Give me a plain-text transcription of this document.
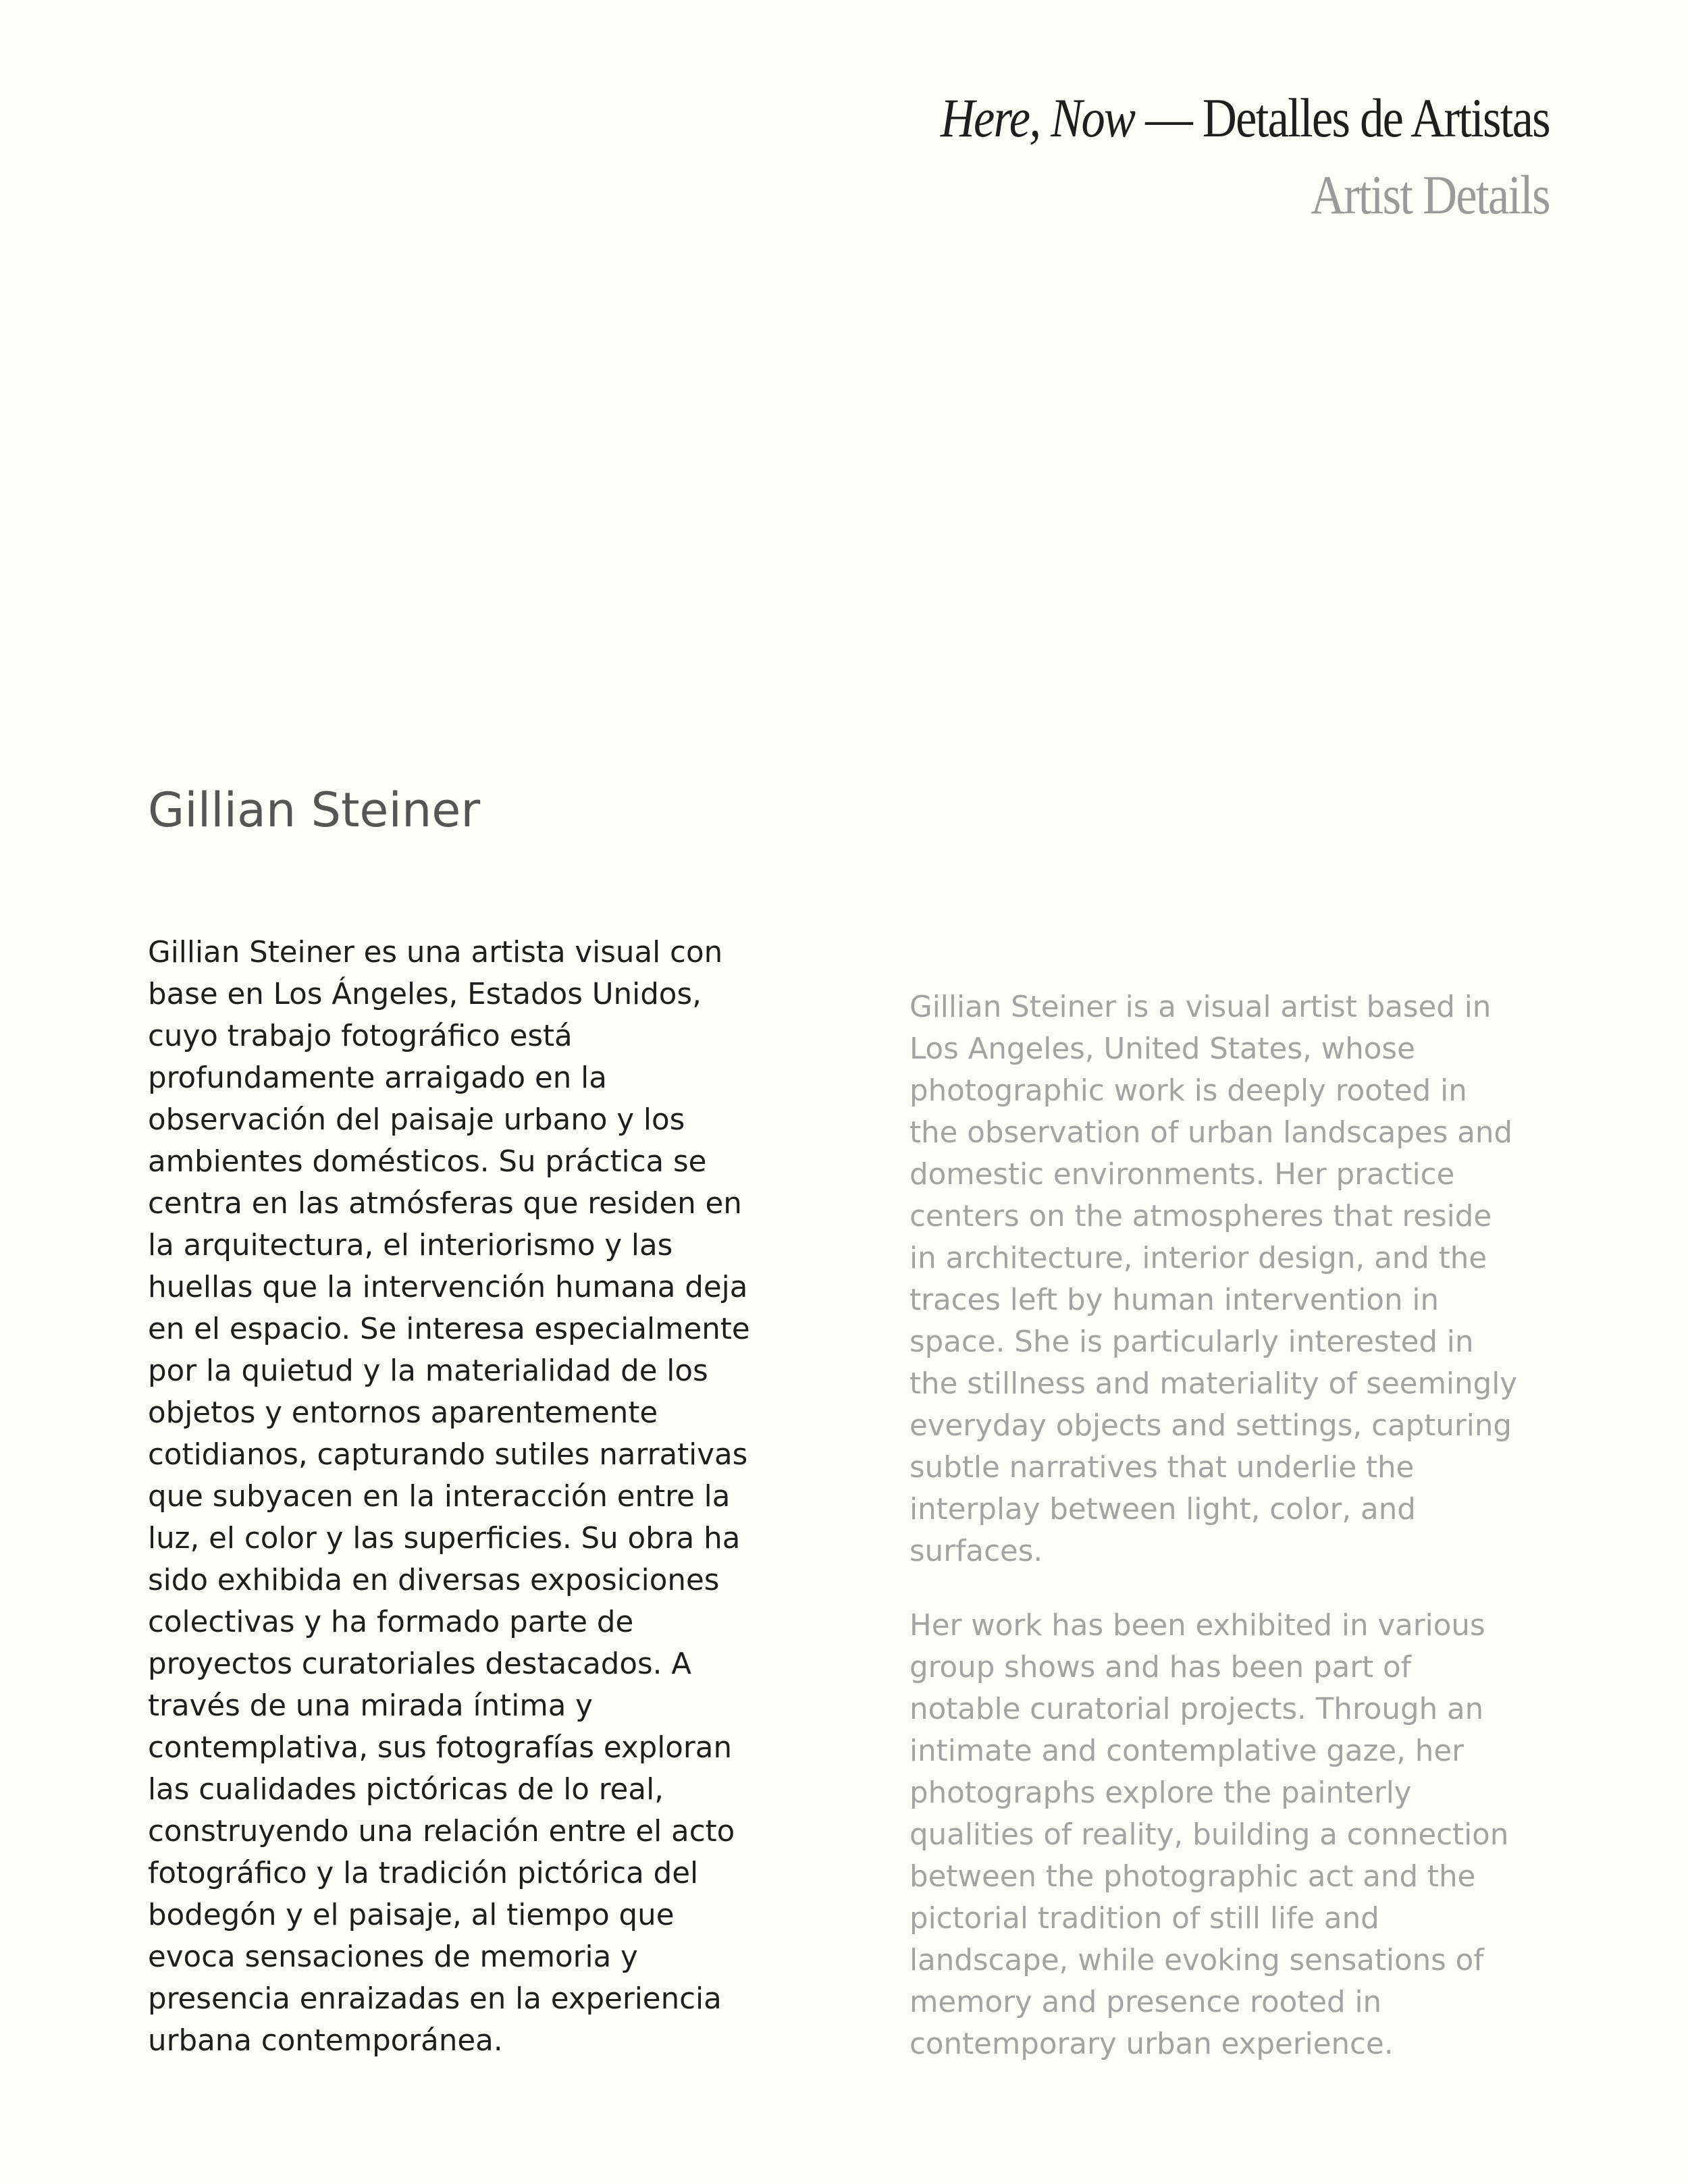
Here, Now — Detalles de Artistas
Artist Details
Gillian Steiner
Gillian Steiner es una artista visual con
base en Los Ángeles, Estados Unidos,
cuyo trabajo fotográfico está
profundamente arraigado en la
observación del paisaje urbano y los
ambientes domésticos. Su práctica se
centra en las atmósferas que residen en
la arquitectura, el interiorismo y las
huellas que la intervención humana deja
en el espacio. Se interesa especialmente
por la quietud y la materialidad de los
objetos y entornos aparentemente
cotidianos, capturando sutiles narrativas
que subyacen en la interacción entre la
luz, el color y las superficies. Su obra ha
sido exhibida en diversas exposiciones
colectivas y ha formado parte de
proyectos curatoriales destacados. A
través de una mirada íntima y
contemplativa, sus fotografías exploran
las cualidades pictóricas de lo real,
construyendo una relación entre el acto
fotográfico y la tradición pictórica del
bodegón y el paisaje, al tiempo que
evoca sensaciones de memoria y
presencia enraizadas en la experiencia
urbana contemporánea.
Gillian Steiner is a visual artist based in
Los Angeles, United States, whose
photographic work is deeply rooted in
the observation of urban landscapes and
domestic environments. Her practice
centers on the atmospheres that reside
in architecture, interior design, and the
traces left by human intervention in
space. She is particularly interested in
the stillness and materiality of seemingly
everyday objects and settings, capturing
subtle narratives that underlie the
interplay between light, color, and
surfaces.
Her work has been exhibited in various
group shows and has been part of
notable curatorial projects. Through an
intimate and contemplative gaze, her
photographs explore the painterly
qualities of reality, building a connection
between the photographic act and the
pictorial tradition of still life and
landscape, while evoking sensations of
memory and presence rooted in
contemporary urban experience.
